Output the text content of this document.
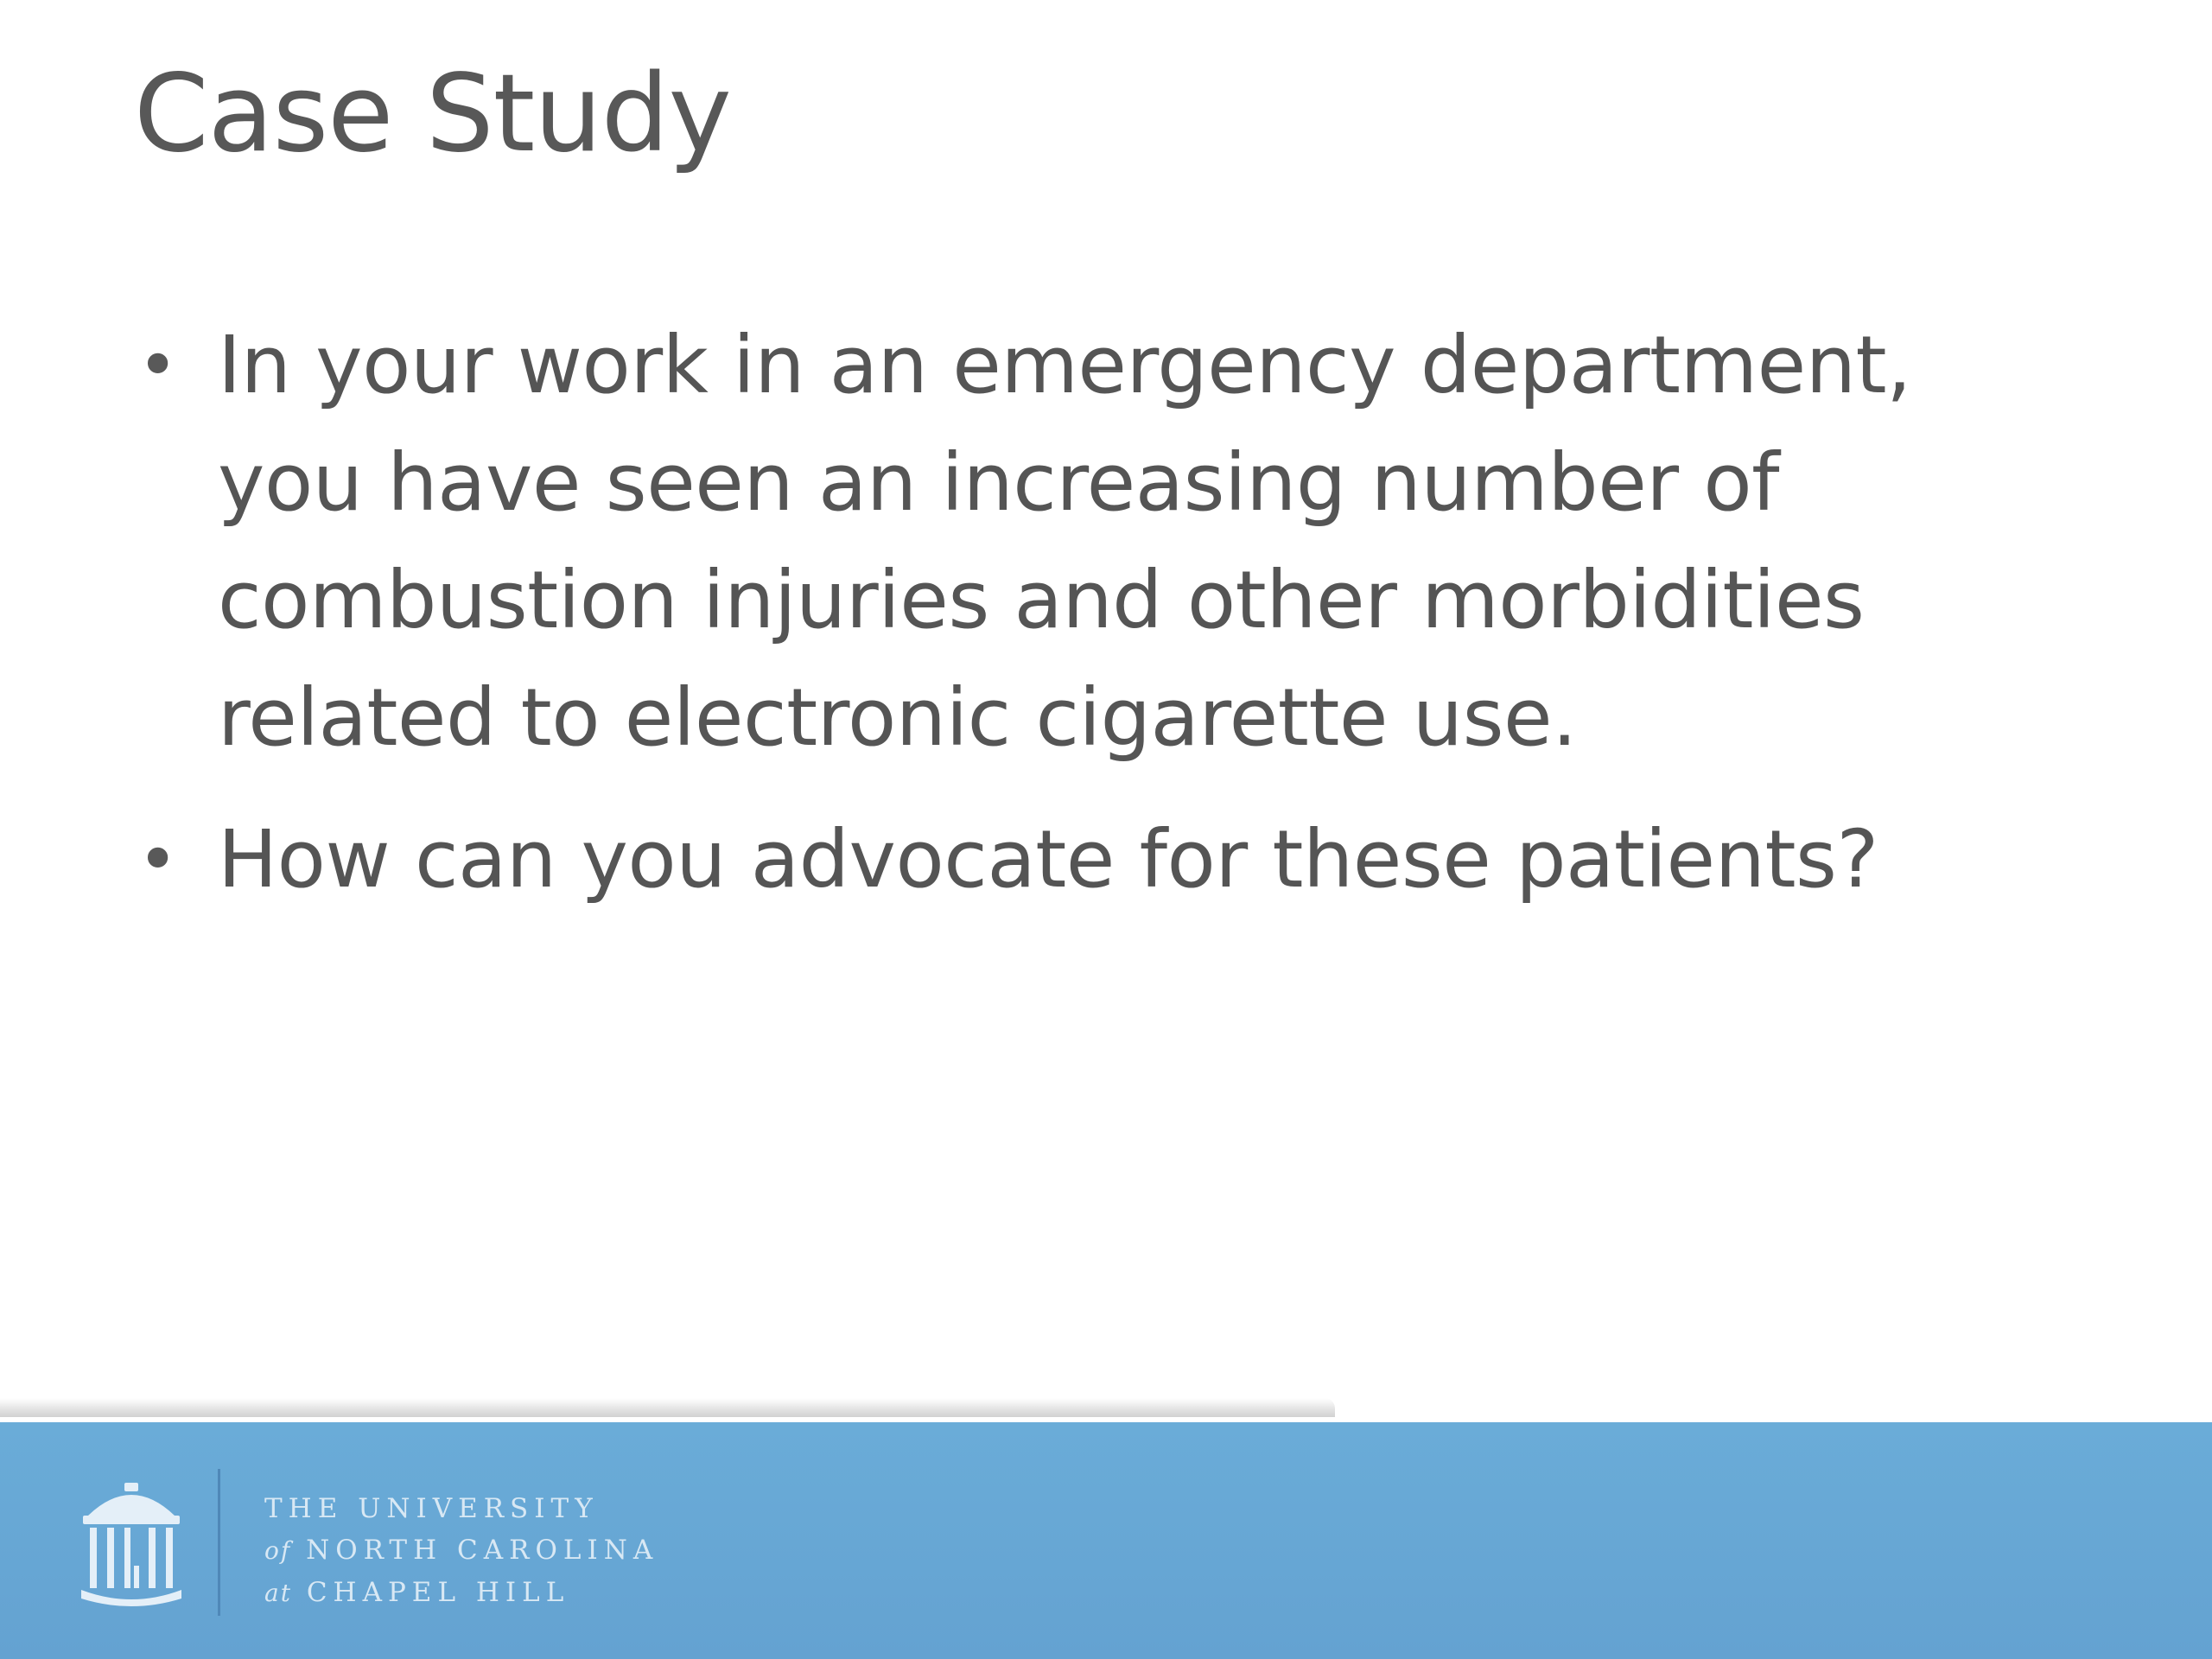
Case Study
• In your work in an emergency department, you have seen an increasing number of combustion injuries and other morbidities related to electronic cigarette use.
• How can you advocate for these patients?
THE UNIVERSITY
of NORTH CAROLINA
at CHAPEL HILL
